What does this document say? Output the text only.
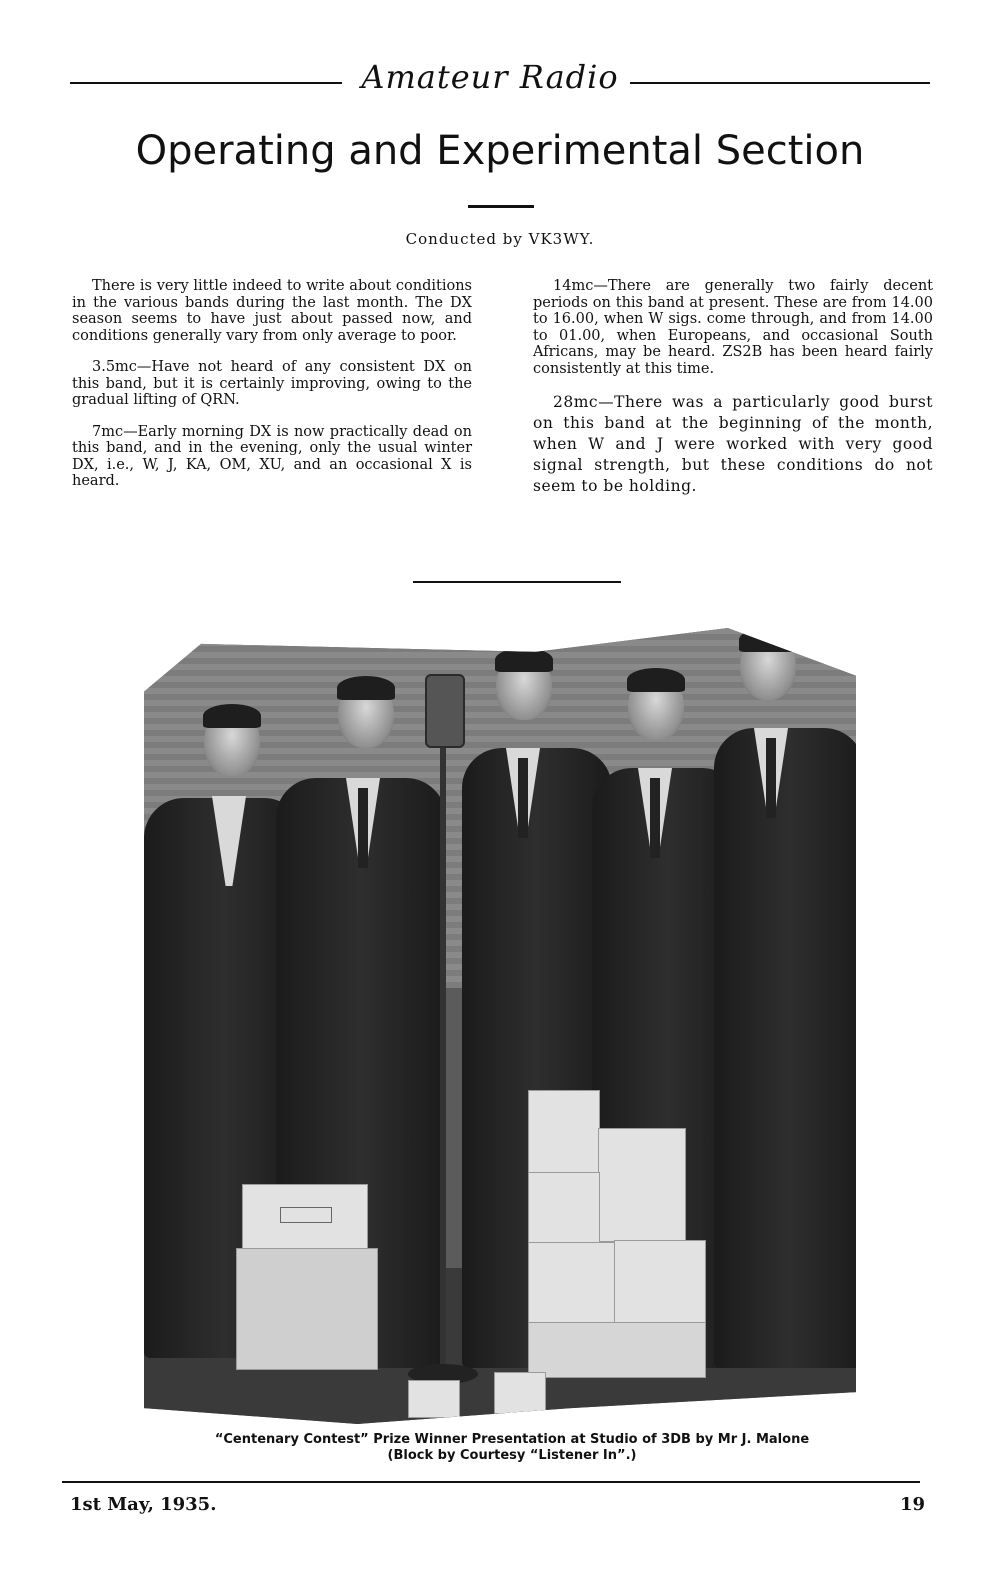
Amateur Radio
Operating and Experimental Section
Conducted by VK3WY.

There is very little indeed to write about conditions in the various bands during the last month. The DX season seems to have just about passed now, and conditions generally vary from only average to poor.

3.5mc—Have not heard of any consistent DX on this band, but it is certainly improving, owing to the gradual lifting of QRN.

7mc—Early morning DX is now practically dead on this band, and in the evening, only the usual winter DX, i.e., W, J, KA, OM, XU, and an occasional X is heard.

14mc—There are generally two fairly decent periods on this band at present. These are from 14.00 to 16.00, when W sigs. come through, and from 14.00 to 01.00, when Europeans, and occasional South Africans, may be heard. ZS2B has been heard fairly consistently at this time.

28mc—There was a particularly good burst on this band at the beginning of the month, when W and J were worked with very good signal strength, but these conditions do not seem to be holding.

“Centenary Contest” Prize Winner Presentation at Studio of 3DB by Mr J. Malone
(Block by Courtesy “Listener In”.)
1st May, 1935.	19
